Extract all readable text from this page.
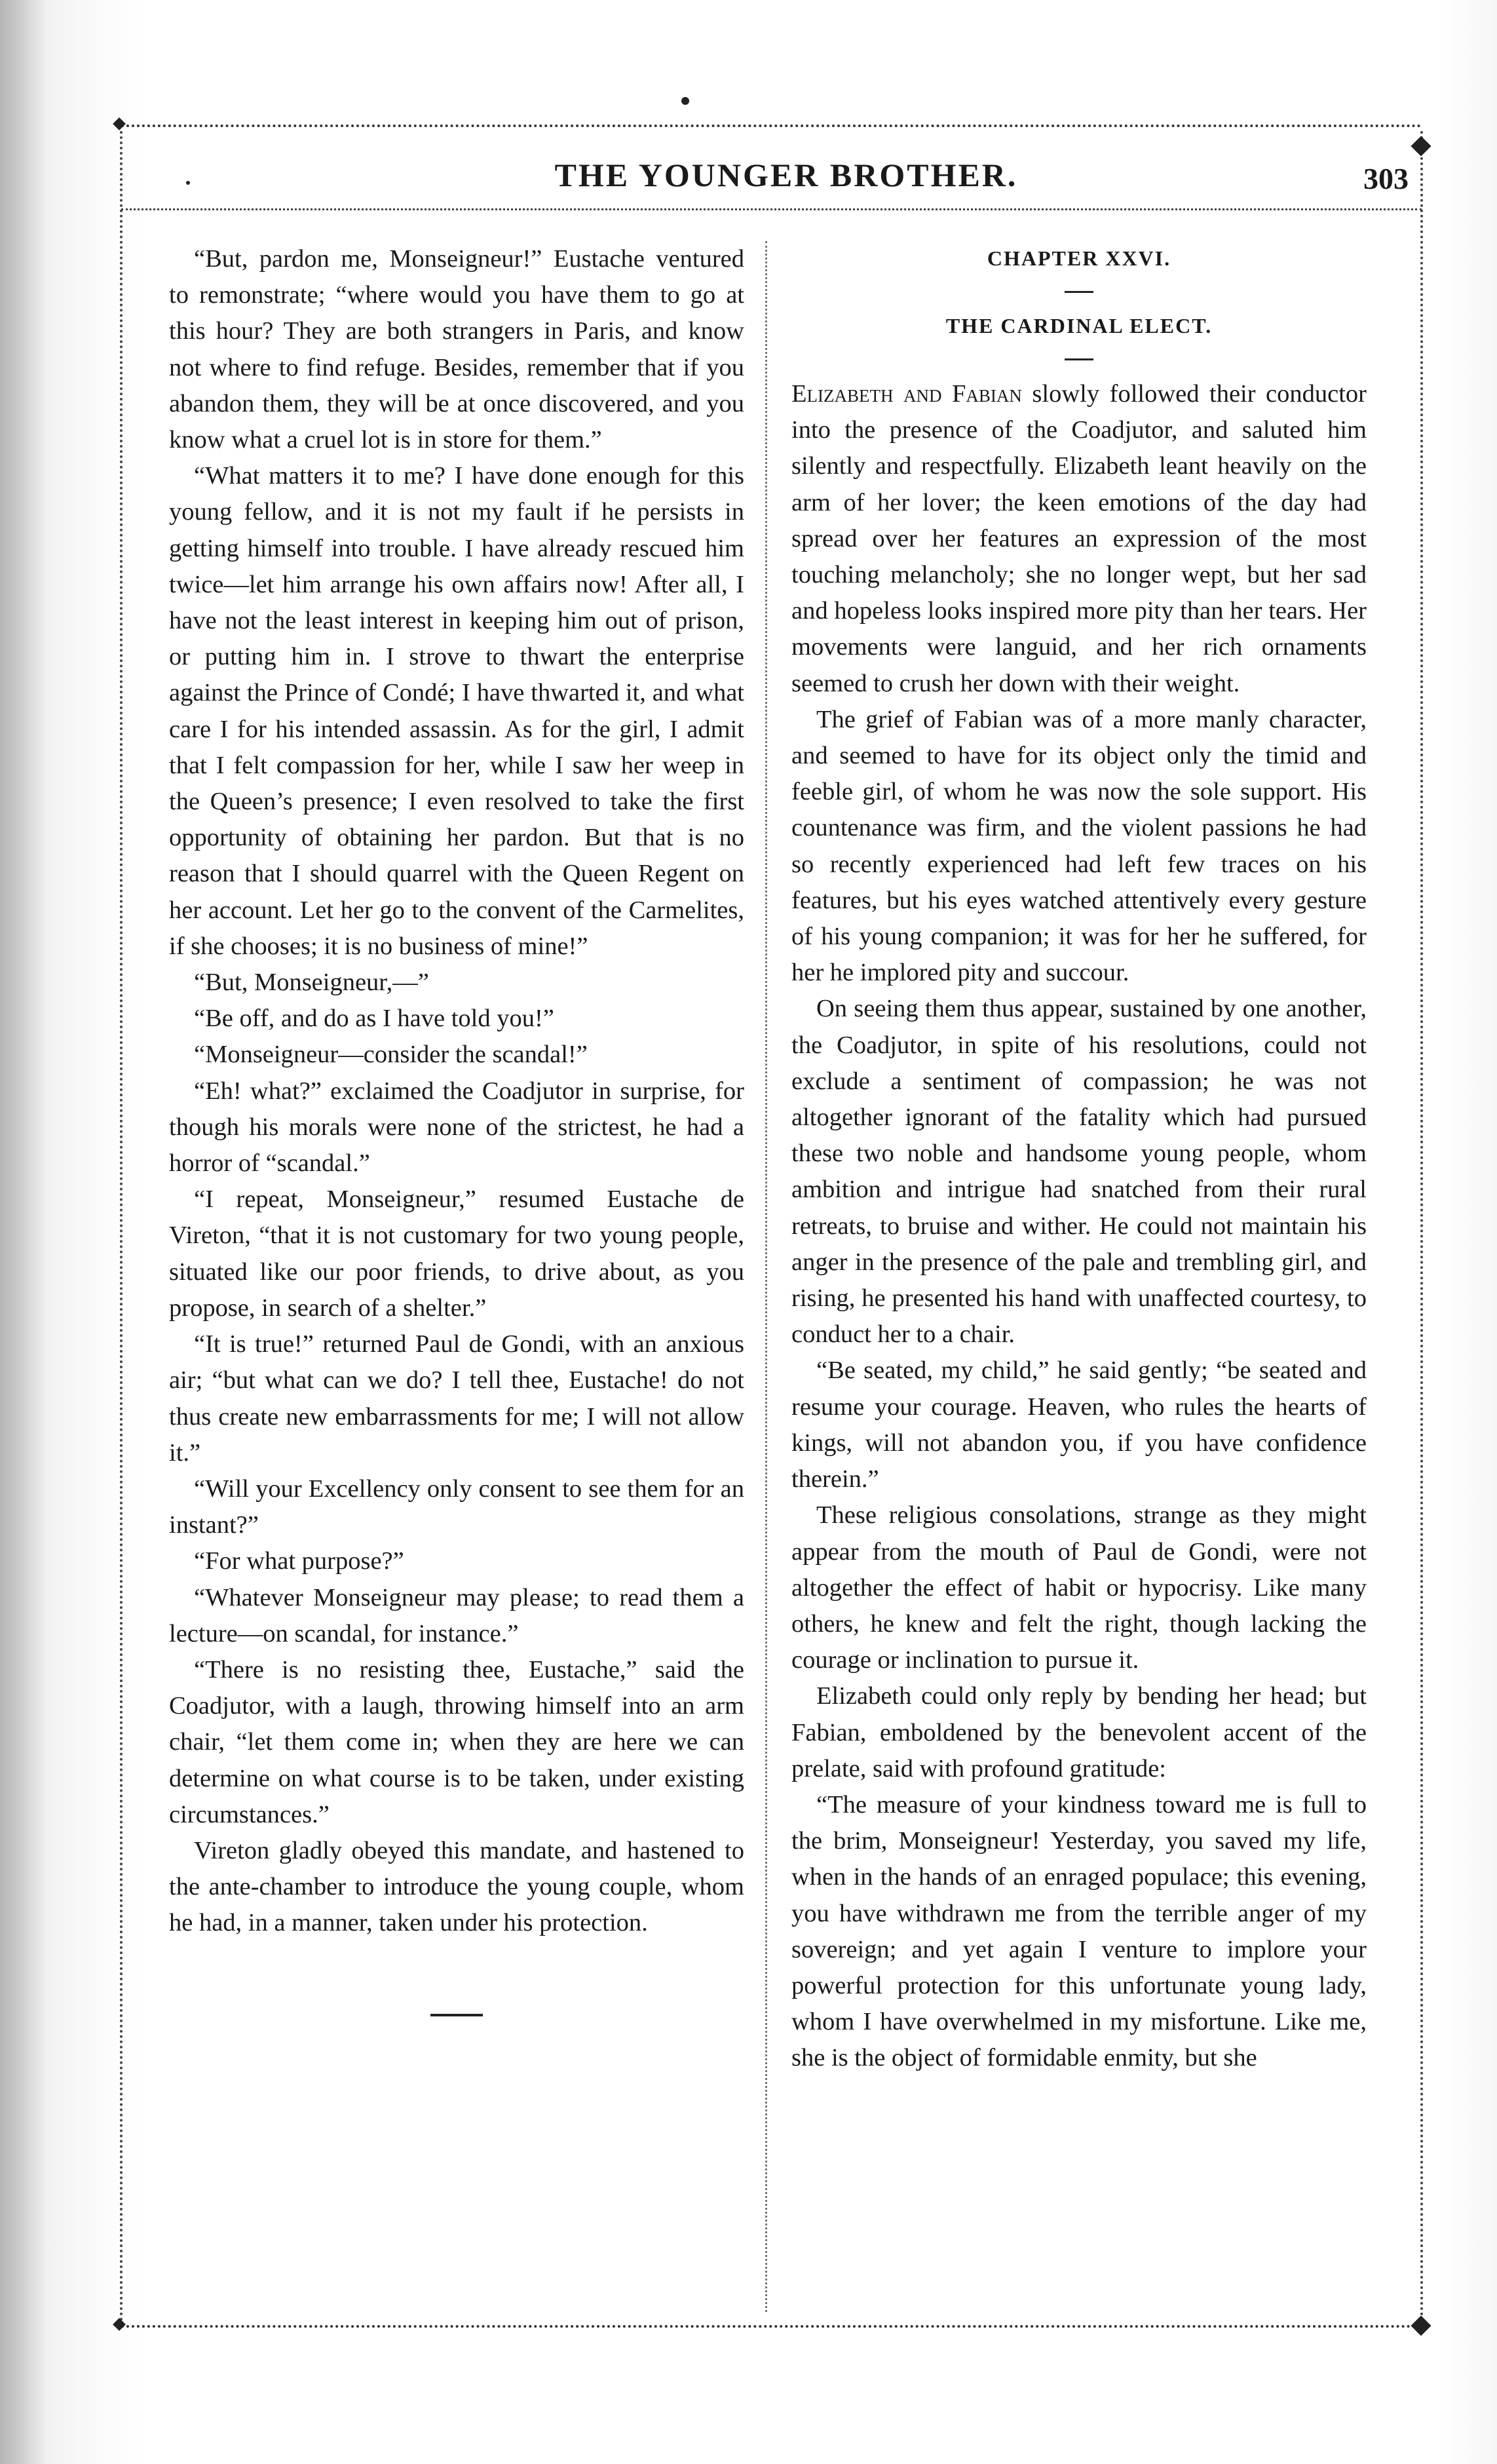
THE YOUNGER BROTHER.	303

“But, pardon me, Monseigneur!” Eustache ventured to remonstrate; “where would you have them to go at this hour? They are both strangers in Paris, and know not where to find refuge. Besides, remember that if you abandon them, they will be at once discovered, and you know what a cruel lot is in store for them.”

“What matters it to me? I have done enough for this young fellow, and it is not my fault if he persists in getting himself into trouble. I have already rescued him twice—let him arrange his own affairs now! After all, I have not the least interest in keeping him out of prison, or putting him in. I strove to thwart the enterprise against the Prince of Condé; I have thwarted it, and what care I for his intended assassin. As for the girl, I admit that I felt compassion for her, while I saw her weep in the Queen’s presence; I even resolved to take the first opportunity of obtaining her pardon. But that is no reason that I should quarrel with the Queen Regent on her account. Let her go to the convent of the Carmelites, if she chooses; it is no business of mine!”

“But, Monseigneur,—”

“Be off, and do as I have told you!”

“Monseigneur—consider the scandal!”

“Eh! what?” exclaimed the Coadjutor in surprise, for though his morals were none of the strictest, he had a horror of “scandal.”

“I repeat, Monseigneur,” resumed Eustache de Vireton, “that it is not customary for two young people, situated like our poor friends, to drive about, as you propose, in search of a shelter.”

“It is true!” returned Paul de Gondi, with an anxious air; “but what can we do? I tell thee, Eustache! do not thus create new embarrassments for me; I will not allow it.”

“Will your Excellency only consent to see them for an instant?”

“For what purpose?”

“Whatever Monseigneur may please; to read them a lecture—on scandal, for instance.”

“There is no resisting thee, Eustache,” said the Coadjutor, with a laugh, throwing himself into an arm chair, “let them come in; when they are here we can determine on what course is to be taken, under existing circumstances.”

Vireton gladly obeyed this mandate, and hastened to the ante-chamber to introduce the young couple, whom he had, in a manner, taken under his protection.

CHAPTER XXVI.
THE CARDINAL ELECT.

Elizabeth and Fabian slowly followed their conductor into the presence of the Coadjutor, and saluted him silently and respectfully. Elizabeth leant heavily on the arm of her lover; the keen emotions of the day had spread over her features an expression of the most touching melancholy; she no longer wept, but her sad and hopeless looks inspired more pity than her tears. Her movements were languid, and her rich ornaments seemed to crush her down with their weight.

The grief of Fabian was of a more manly character, and seemed to have for its object only the timid and feeble girl, of whom he was now the sole support. His countenance was firm, and the violent passions he had so recently experienced had left few traces on his features, but his eyes watched attentively every gesture of his young companion; it was for her he suffered, for her he implored pity and succour.

On seeing them thus appear, sustained by one another, the Coadjutor, in spite of his resolutions, could not exclude a sentiment of compassion; he was not altogether ignorant of the fatality which had pursued these two noble and handsome young people, whom ambition and intrigue had snatched from their rural retreats, to bruise and wither. He could not maintain his anger in the presence of the pale and trembling girl, and rising, he presented his hand with unaffected courtesy, to conduct her to a chair.

“Be seated, my child,” he said gently; “be seated and resume your courage. Heaven, who rules the hearts of kings, will not abandon you, if you have confidence therein.”

These religious consolations, strange as they might appear from the mouth of Paul de Gondi, were not altogether the effect of habit or hypocrisy. Like many others, he knew and felt the right, though lacking the courage or inclination to pursue it.

Elizabeth could only reply by bending her head; but Fabian, emboldened by the benevolent accent of the prelate, said with profound gratitude:

“The measure of your kindness toward me is full to the brim, Monseigneur! Yesterday, you saved my life, when in the hands of an enraged populace; this evening, you have withdrawn me from the terrible anger of my sovereign; and yet again I venture to implore your powerful protection for this unfortunate young lady, whom I have overwhelmed in my misfortune. Like me, she is the object of formidable enmity, but she
